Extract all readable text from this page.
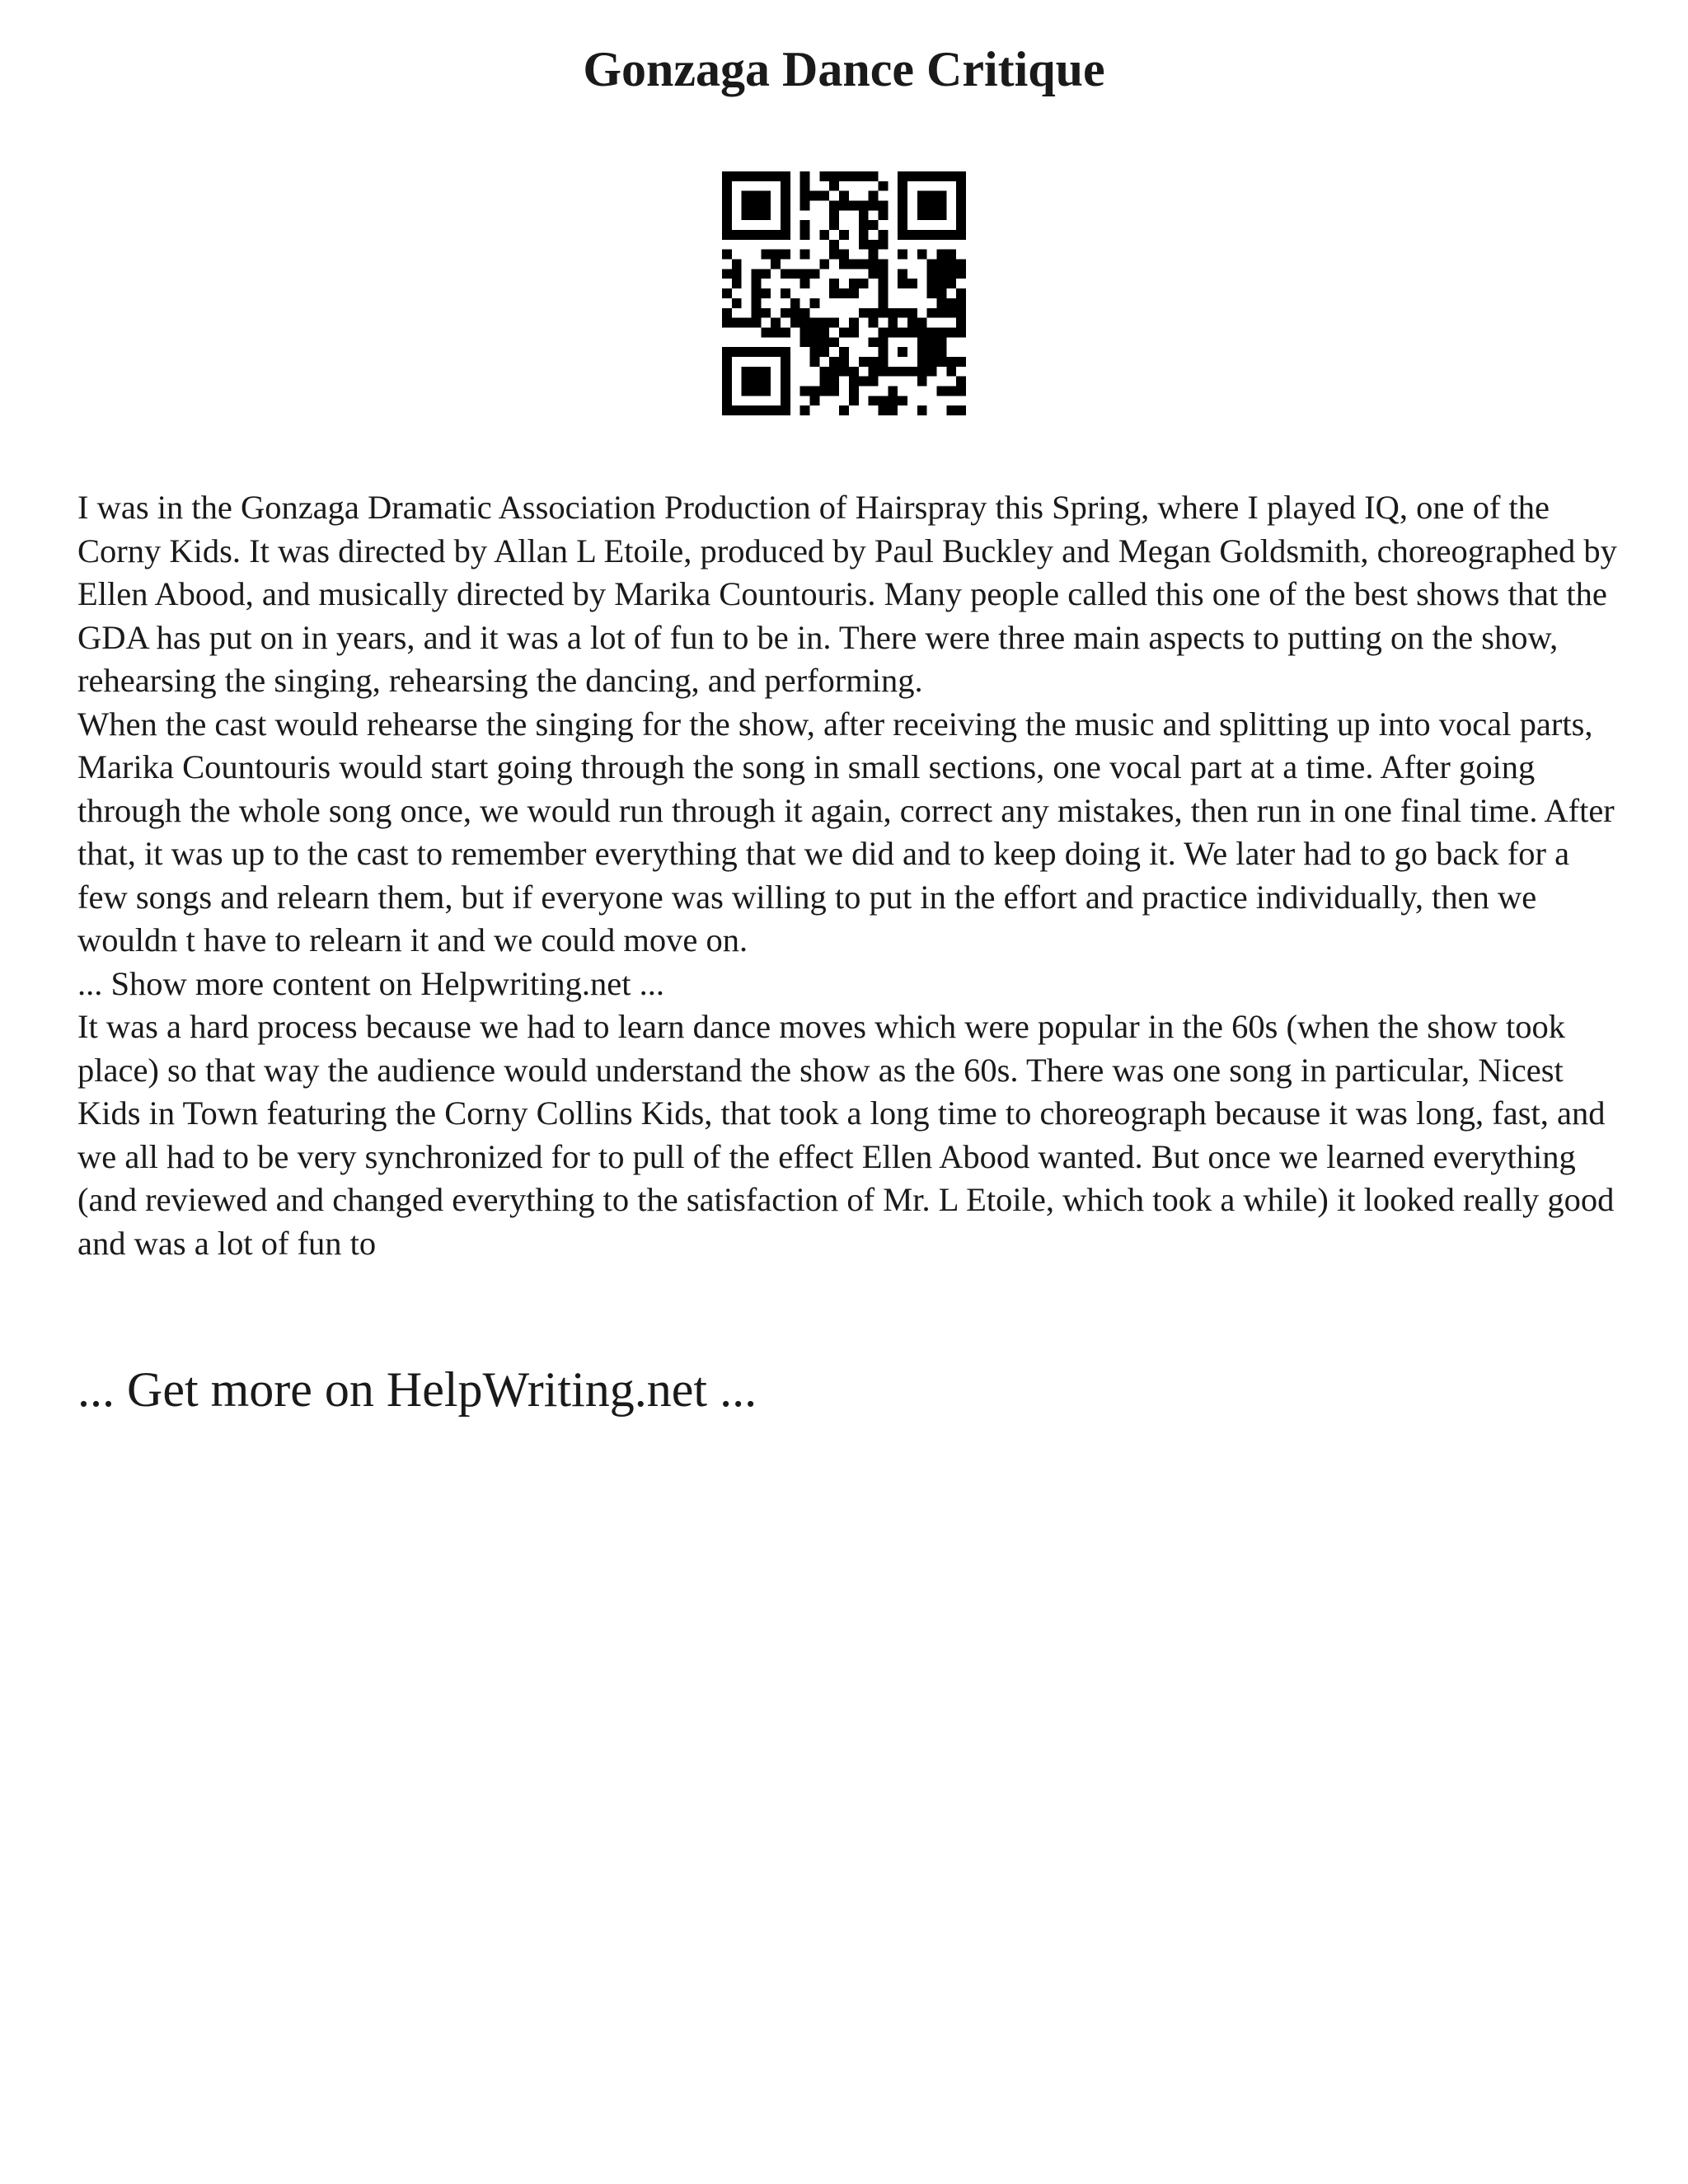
Gonzaga Dance Critique

I was in the Gonzaga Dramatic Association Production of Hairspray this Spring, where I played IQ, one of the Corny Kids. It was directed by Allan L Etoile, produced by Paul Buckley and Megan Goldsmith, choreographed by Ellen Abood, and musically directed by Marika Countouris. Many people called this one of the best shows that the GDA has put on in years, and it was a lot of fun to be in. There were three main aspects to putting on the show, rehearsing the singing, rehearsing the dancing, and performing.

When the cast would rehearse the singing for the show, after receiving the music and splitting up into vocal parts, Marika Countouris would start going through the song in small sections, one vocal part at a time. After going through the whole song once, we would run through it again, correct any mistakes, then run in one final time. After that, it was up to the cast to remember everything that we did and to keep doing it. We later had to go back for a few songs and relearn them, but if everyone was willing to put in the effort and practice individually, then we wouldn t have to relearn it and we could move on.

... Show more content on Helpwriting.net ...

It was a hard process because we had to learn dance moves which were popular in the 60s (when the show took place) so that way the audience would understand the show as the 60s. There was one song in particular, Nicest Kids in Town featuring the Corny Collins Kids, that took a long time to choreograph because it was long, fast, and we all had to be very synchronized for to pull of the effect Ellen Abood wanted. But once we learned everything (and reviewed and changed everything to the satisfaction of Mr. L Etoile, which took a while) it looked really good and was a lot of fun to

... Get more on HelpWriting.net ...
